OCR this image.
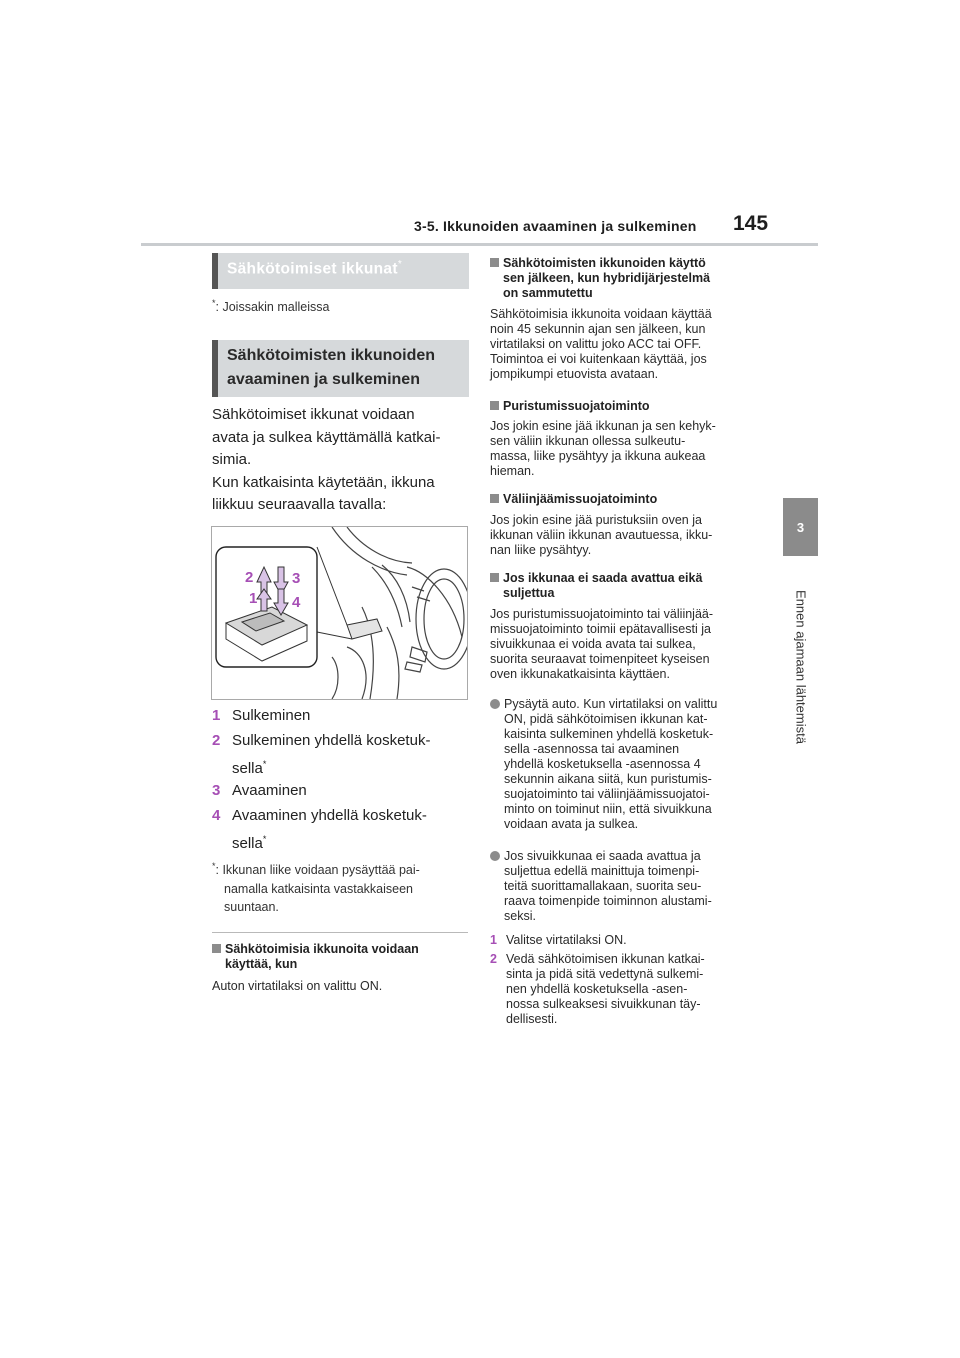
3-5. Ikkunoiden avaaminen ja sulkeminen 145
3
Ennen ajamaan lähtemistä
Sähkötoimiset ikkunat*
*: Joissakin malleissa
Sähkötoimisten ikkunoiden
avaaminen ja sulkeminen
Sähkötoimiset ikkunat voidaan
avata ja sulkea käyttämällä katkai-
simia.
Kun katkaisinta käytetään, ikkuna
liikkuu seuraavalla tavalla:
2	3
1 4
1 Sulkeminen
2 Sulkeminen yhdellä kosketuk-
sella*
3 Avaaminen
4 Avaaminen yhdellä kosketuk-
sella*
*: Ikkunan liike voidaan pysäyttää pai-
namalla katkaisinta vastakkaiseen
suuntaan.
Sähkötoimisia ikkunoita voidaan
käyttää, kun
Auton virtatilaksi on valittu ON.
Sähkötoimisten ikkunoiden käyttö
sen jälkeen, kun hybridijärjestelmä
on sammutettu
Sähkötoimisia ikkunoita voidaan käyttää
noin 45 sekunnin ajan sen jälkeen, kun
virtatilaksi on valittu joko ACC tai OFF.
Toimintoa ei voi kuitenkaan käyttää, jos
jompikumpi etuovista avataan.
Puristumissuojatoiminto
Jos jokin esine jää ikkunan ja sen kehyk-
sen väliin ikkunan ollessa sulkeutu-
massa, liike pysähtyy ja ikkuna aukeaa
hieman.
Väliinjäämissuojatoiminto
Jos jokin esine jää puristuksiin oven ja
ikkunan väliin ikkunan avautuessa, ikku-
nan liike pysähtyy.
Jos ikkunaa ei saada avattua eikä
suljettua
Jos puristumissuojatoiminto tai väliinjää-
missuojatoiminto toimii epätavallisesti ja
sivuikkunaa ei voida avata tai sulkea,
suorita seuraavat toimenpiteet kyseisen
oven ikkunakatkaisinta käyttäen.
Pysäytä auto. Kun virtatilaksi on valittu
ON, pidä sähkötoimisen ikkunan kat-
kaisinta sulkeminen yhdellä kosketuk-
sella -asennossa tai avaaminen
yhdellä kosketuksella -asennossa 4
sekunnin aikana siitä, kun puristumis-
suojatoiminto tai väliinjäämissuojatoi-
minto on toiminut niin, että sivuikkuna
voidaan avata ja sulkea.
Jos sivuikkunaa ei saada avattua ja
suljettua edellä mainittuja toimenpi-
teitä suorittamallakaan, suorita seu-
raava toimenpide toiminnon alustami-
seksi.
1 Valitse virtatilaksi ON.
2 Vedä sähkötoimisen ikkunan katkai-
sinta ja pidä sitä vedettynä sulkemi-
nen yhdellä kosketuksella -asen-
nossa sulkeaksesi sivuikkunan täy-
dellisesti.
